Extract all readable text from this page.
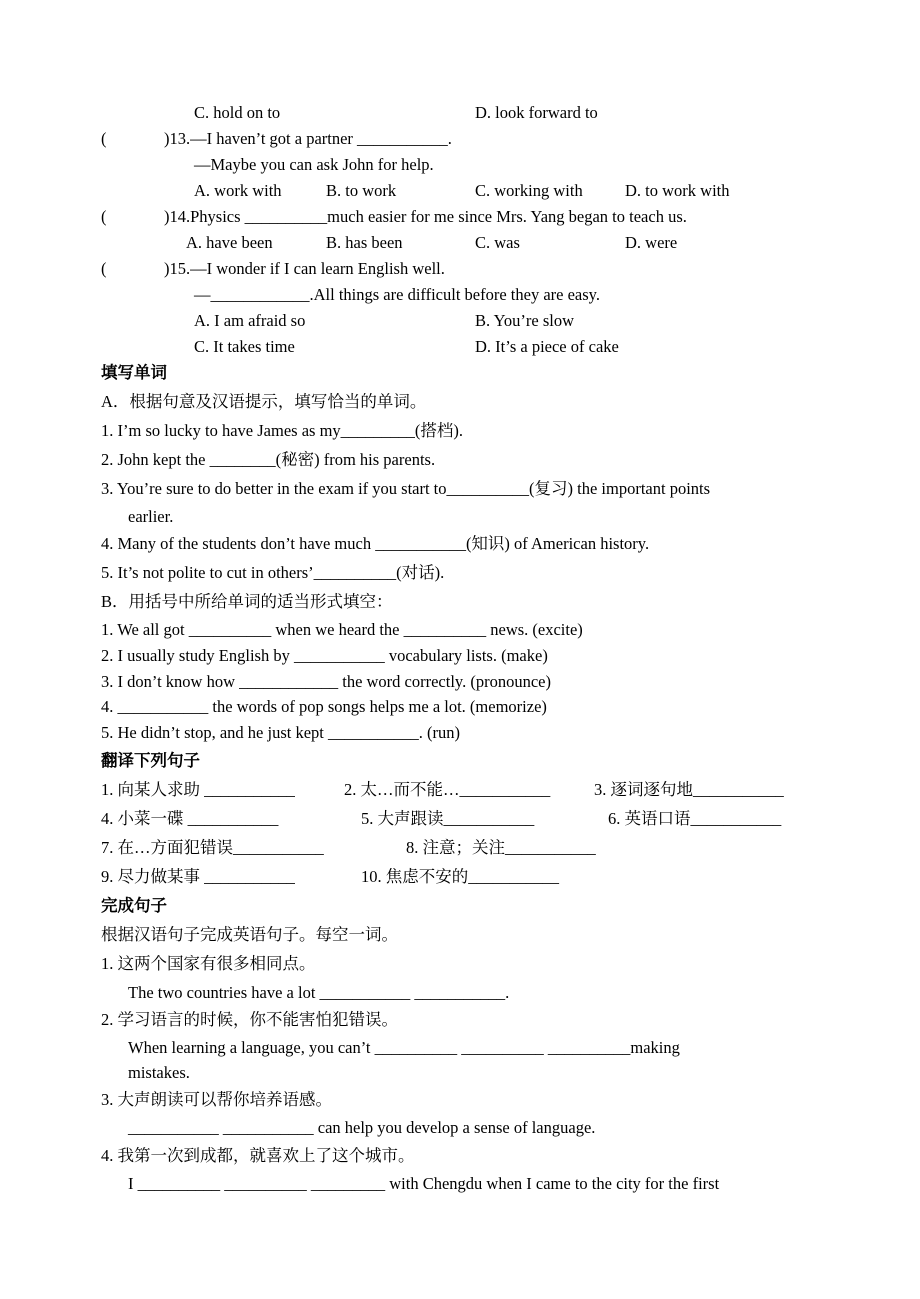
C. hold on to	D. look forward to
(	)13.—I haven’t got a partner ___________.
—Maybe you can ask John for help.
A. work with	B. to work	C. working with	D. to work with
(	)14.Physics __________much easier for me since Mrs. Yang began to teach us.
A. have been	B. has been	C. was	D. were
(	)15.—I wonder if I can learn English well.
—____________.All things are difficult before they are easy.
A. I am afraid so	B. You’re slow
C. It takes time	D. It’s a piece of cake
填写单词
A．根据句意及汉语提示，填写恰当的单词。
1. I’m so lucky to have James as my_________(搭档).
2. John kept the ________(秘密) from his parents.
3. You’re sure to do better in the exam if you start to__________(复习) the important points
earlier.
4. Many of the students don’t have much ___________(知识) of American history.
5. It’s not polite to cut in others’__________(对话).
B．用括号中所给单词的适当形式填空：
1. We all got __________ when we heard the __________ news. (excite)
2. I usually study English by ___________ vocabulary lists. (make)
3. I don’t know how ____________ the word correctly. (pronounce)
4. ___________ the words of pop songs helps me a lot. (memorize)
5. He didn’t stop, and he just kept ___________. (run)
翻译下列句子
1. 向某人求助 ___________	2. 太…而不能…___________	3. 逐词逐句地___________
4. 小菜一碟 ___________	5. 大声跟读___________	6. 英语口语___________
7. 在…方面犯错误___________	8. 注意；关注___________
9. 尽力做某事 ___________	10. 焦虑不安的___________
完成句子
根据汉语句子完成英语句子。每空一词。
1. 这两个国家有很多相同点。
The two countries have a lot ___________ ___________.
2. 学习语言的时候，你不能害怕犯错误。
When learning a language, you can’t __________ __________ __________making
mistakes.
3. 大声朗读可以帮你培养语感。
___________ ___________ can help you develop a sense of language.
4. 我第一次到成都，就喜欢上了这个城市。
I __________ __________ _________ with Chengdu when I came to the city for the first
